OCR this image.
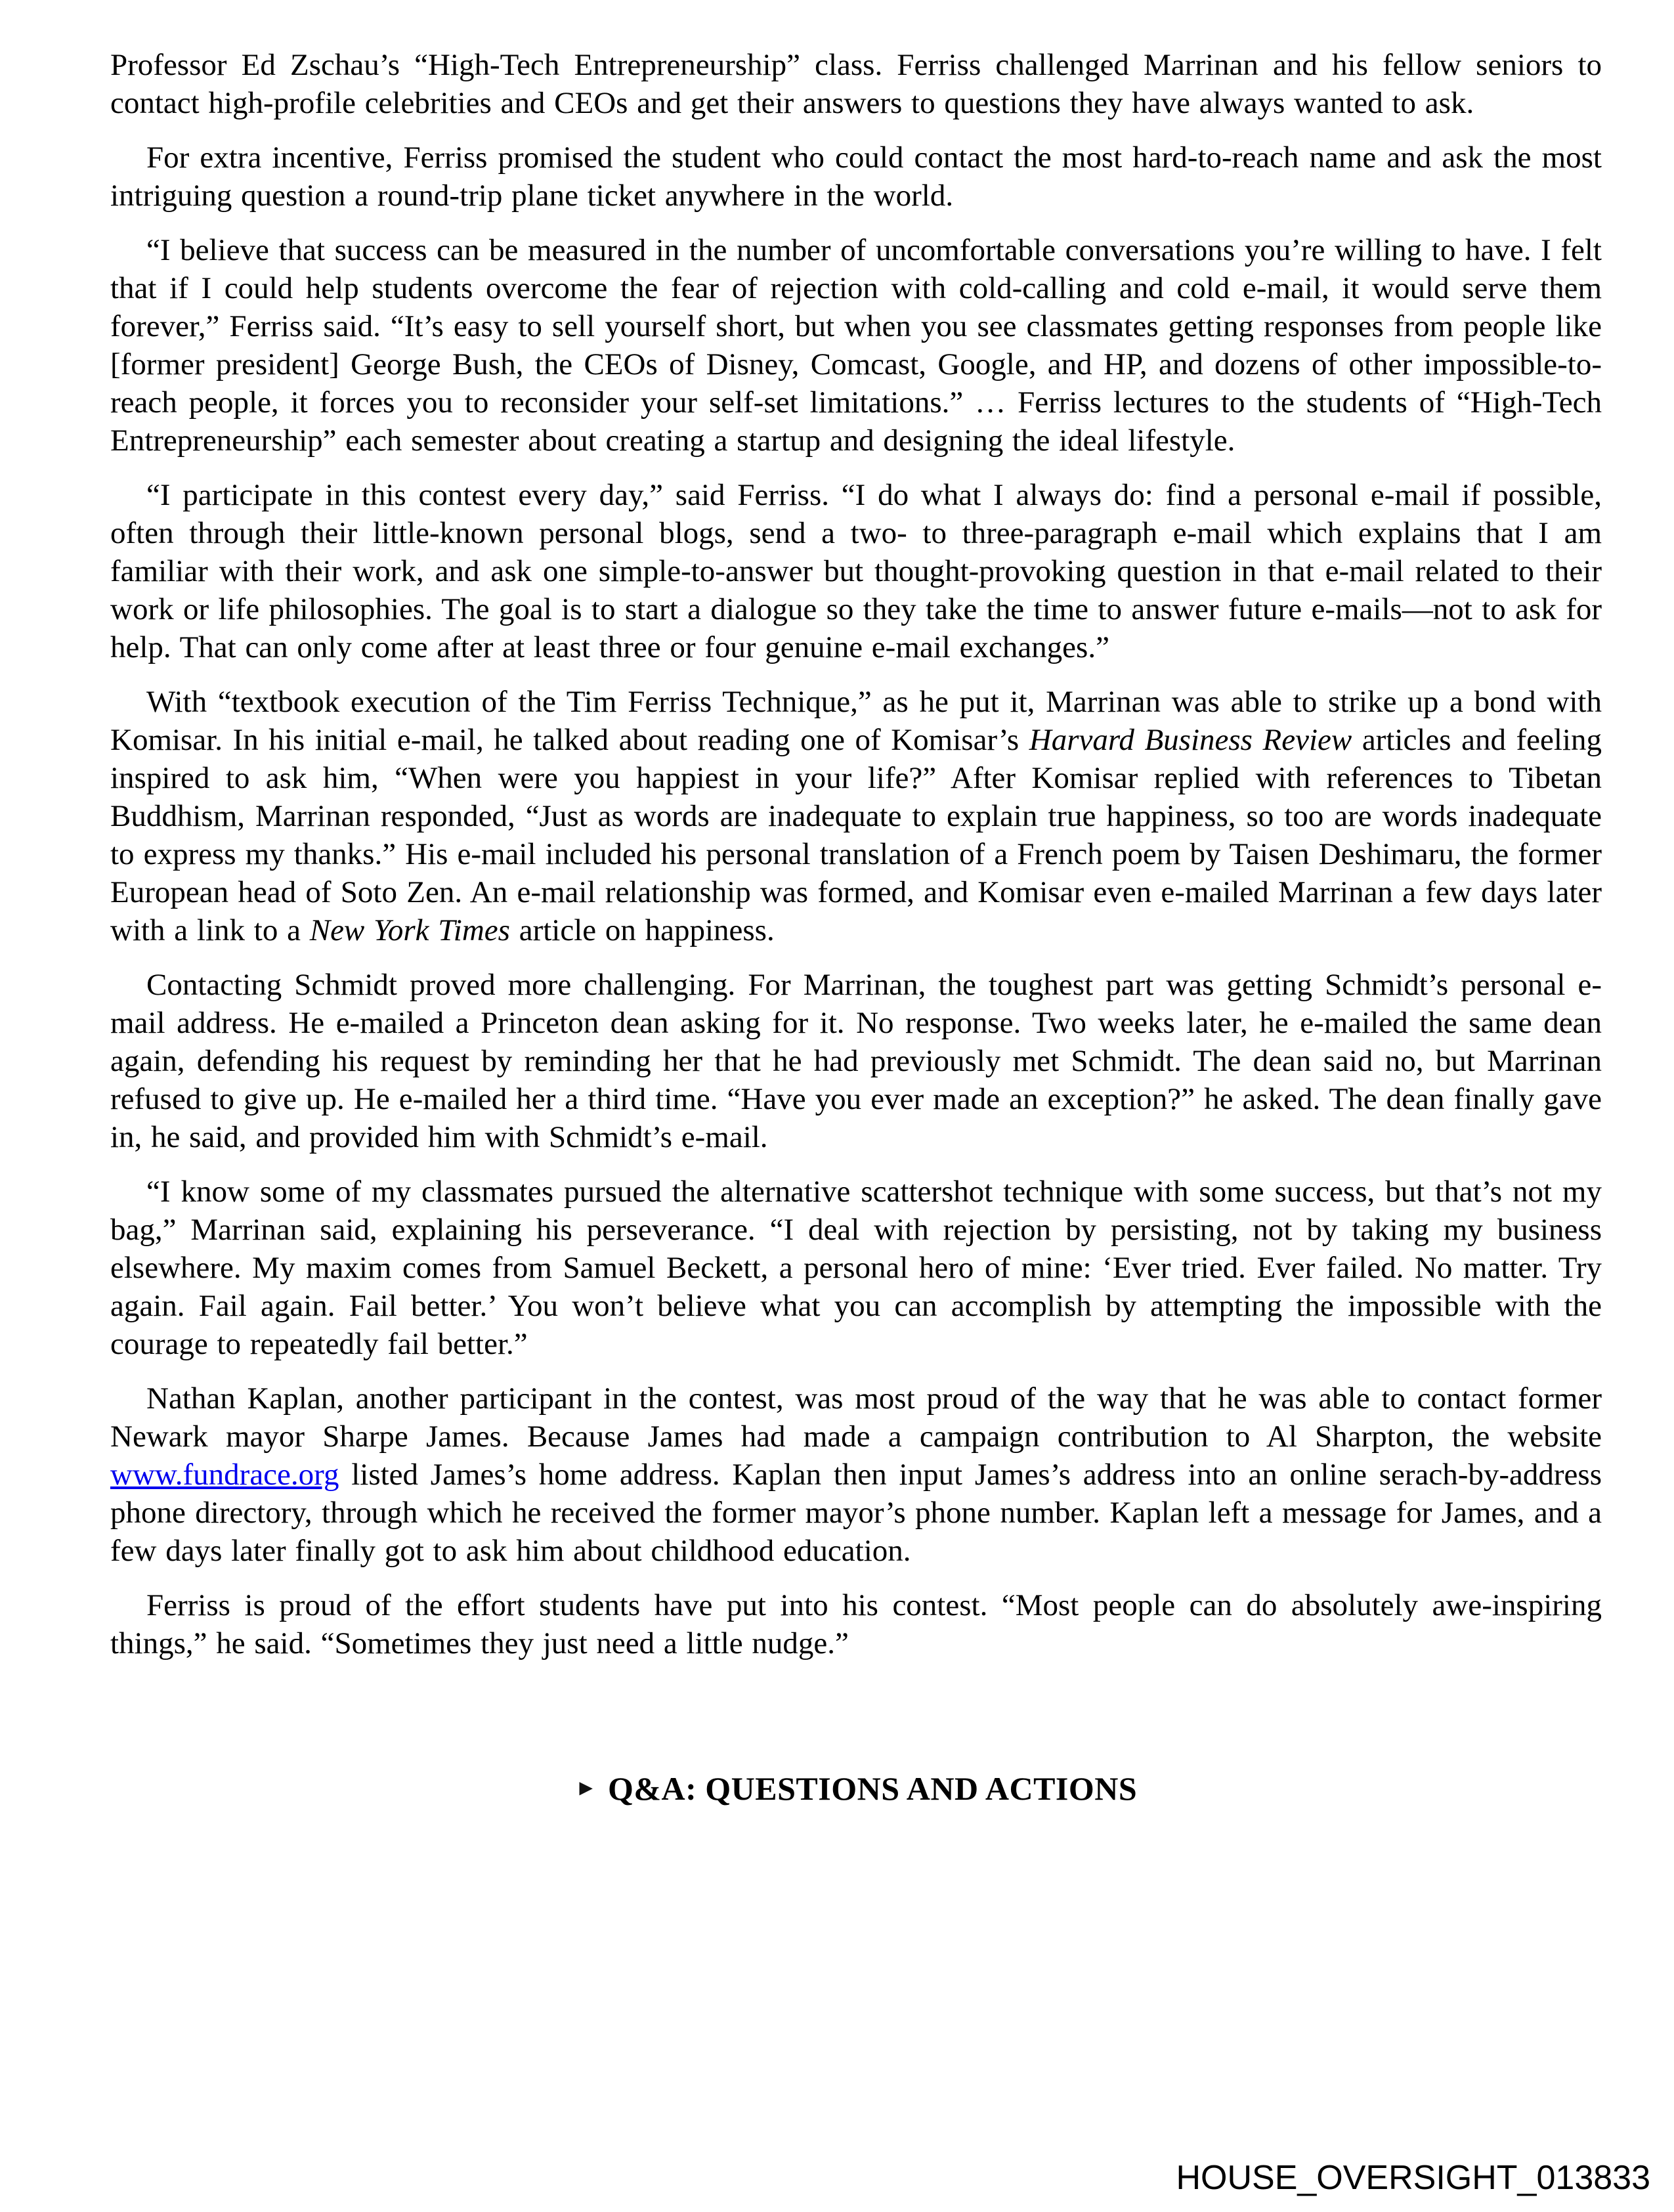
Professor Ed Zschau’s “High-Tech Entrepreneurship” class. Ferriss challenged Marrinan and his fellow seniors to contact high-profile celebrities and CEOs and get their answers to questions they have always wanted to ask.

For extra incentive, Ferriss promised the student who could contact the most hard-to-reach name and ask the most intriguing question a round-trip plane ticket anywhere in the world.

“I believe that success can be measured in the number of uncomfortable conversations you’re willing to have. I felt that if I could help students overcome the fear of rejection with cold-calling and cold e-mail, it would serve them forever,” Ferriss said. “It’s easy to sell yourself short, but when you see classmates getting responses from people like [former president] George Bush, the CEOs of Disney, Comcast, Google, and HP, and dozens of other impossible-to-reach people, it forces you to reconsider your self-set limitations.” … Ferriss lectures to the students of “High-Tech Entrepreneurship” each semester about creating a startup and designing the ideal lifestyle.

“I participate in this contest every day,” said Ferriss. “I do what I always do: find a personal e-mail if possible, often through their little-known personal blogs, send a two- to three-paragraph e-mail which explains that I am familiar with their work, and ask one simple-to-answer but thought-provoking question in that e-mail related to their work or life philosophies. The goal is to start a dialogue so they take the time to answer future e-mails—not to ask for help. That can only come after at least three or four genuine e-mail exchanges.”

With “textbook execution of the Tim Ferriss Technique,” as he put it, Marrinan was able to strike up a bond with Komisar. In his initial e-mail, he talked about reading one of Komisar’s Harvard Business Review articles and feeling inspired to ask him, “When were you happiest in your life?” After Komisar replied with references to Tibetan Buddhism, Marrinan responded, “Just as words are inadequate to explain true happiness, so too are words inadequate to express my thanks.” His e-mail included his personal translation of a French poem by Taisen Deshimaru, the former European head of Soto Zen. An e-mail relationship was formed, and Komisar even e-mailed Marrinan a few days later with a link to a New York Times article on happiness.

Contacting Schmidt proved more challenging. For Marrinan, the toughest part was getting Schmidt’s personal e-mail address. He e-mailed a Princeton dean asking for it. No response. Two weeks later, he e-mailed the same dean again, defending his request by reminding her that he had previously met Schmidt. The dean said no, but Marrinan refused to give up. He e-mailed her a third time. “Have you ever made an exception?” he asked. The dean finally gave in, he said, and provided him with Schmidt’s e-mail.

“I know some of my classmates pursued the alternative scattershot technique with some success, but that’s not my bag,” Marrinan said, explaining his perseverance. “I deal with rejection by persisting, not by taking my business elsewhere. My maxim comes from Samuel Beckett, a personal hero of mine: ‘Ever tried. Ever failed. No matter. Try again. Fail again. Fail better.’ You won’t believe what you can accomplish by attempting the impossible with the courage to repeatedly fail better.”

Nathan Kaplan, another participant in the contest, was most proud of the way that he was able to contact former Newark mayor Sharpe James. Because James had made a campaign contribution to Al Sharpton, the website www.fundrace.org listed James’s home address. Kaplan then input James’s address into an online serach-by-address phone directory, through which he received the former mayor’s phone number. Kaplan left a message for James, and a few days later finally got to ask him about childhood education.

Ferriss is proud of the effort students have put into his contest. “Most people can do absolutely awe-inspiring things,” he said. “Sometimes they just need a little nudge.”

► Q&A: QUESTIONS AND ACTIONS
HOUSE_OVERSIGHT_013833
